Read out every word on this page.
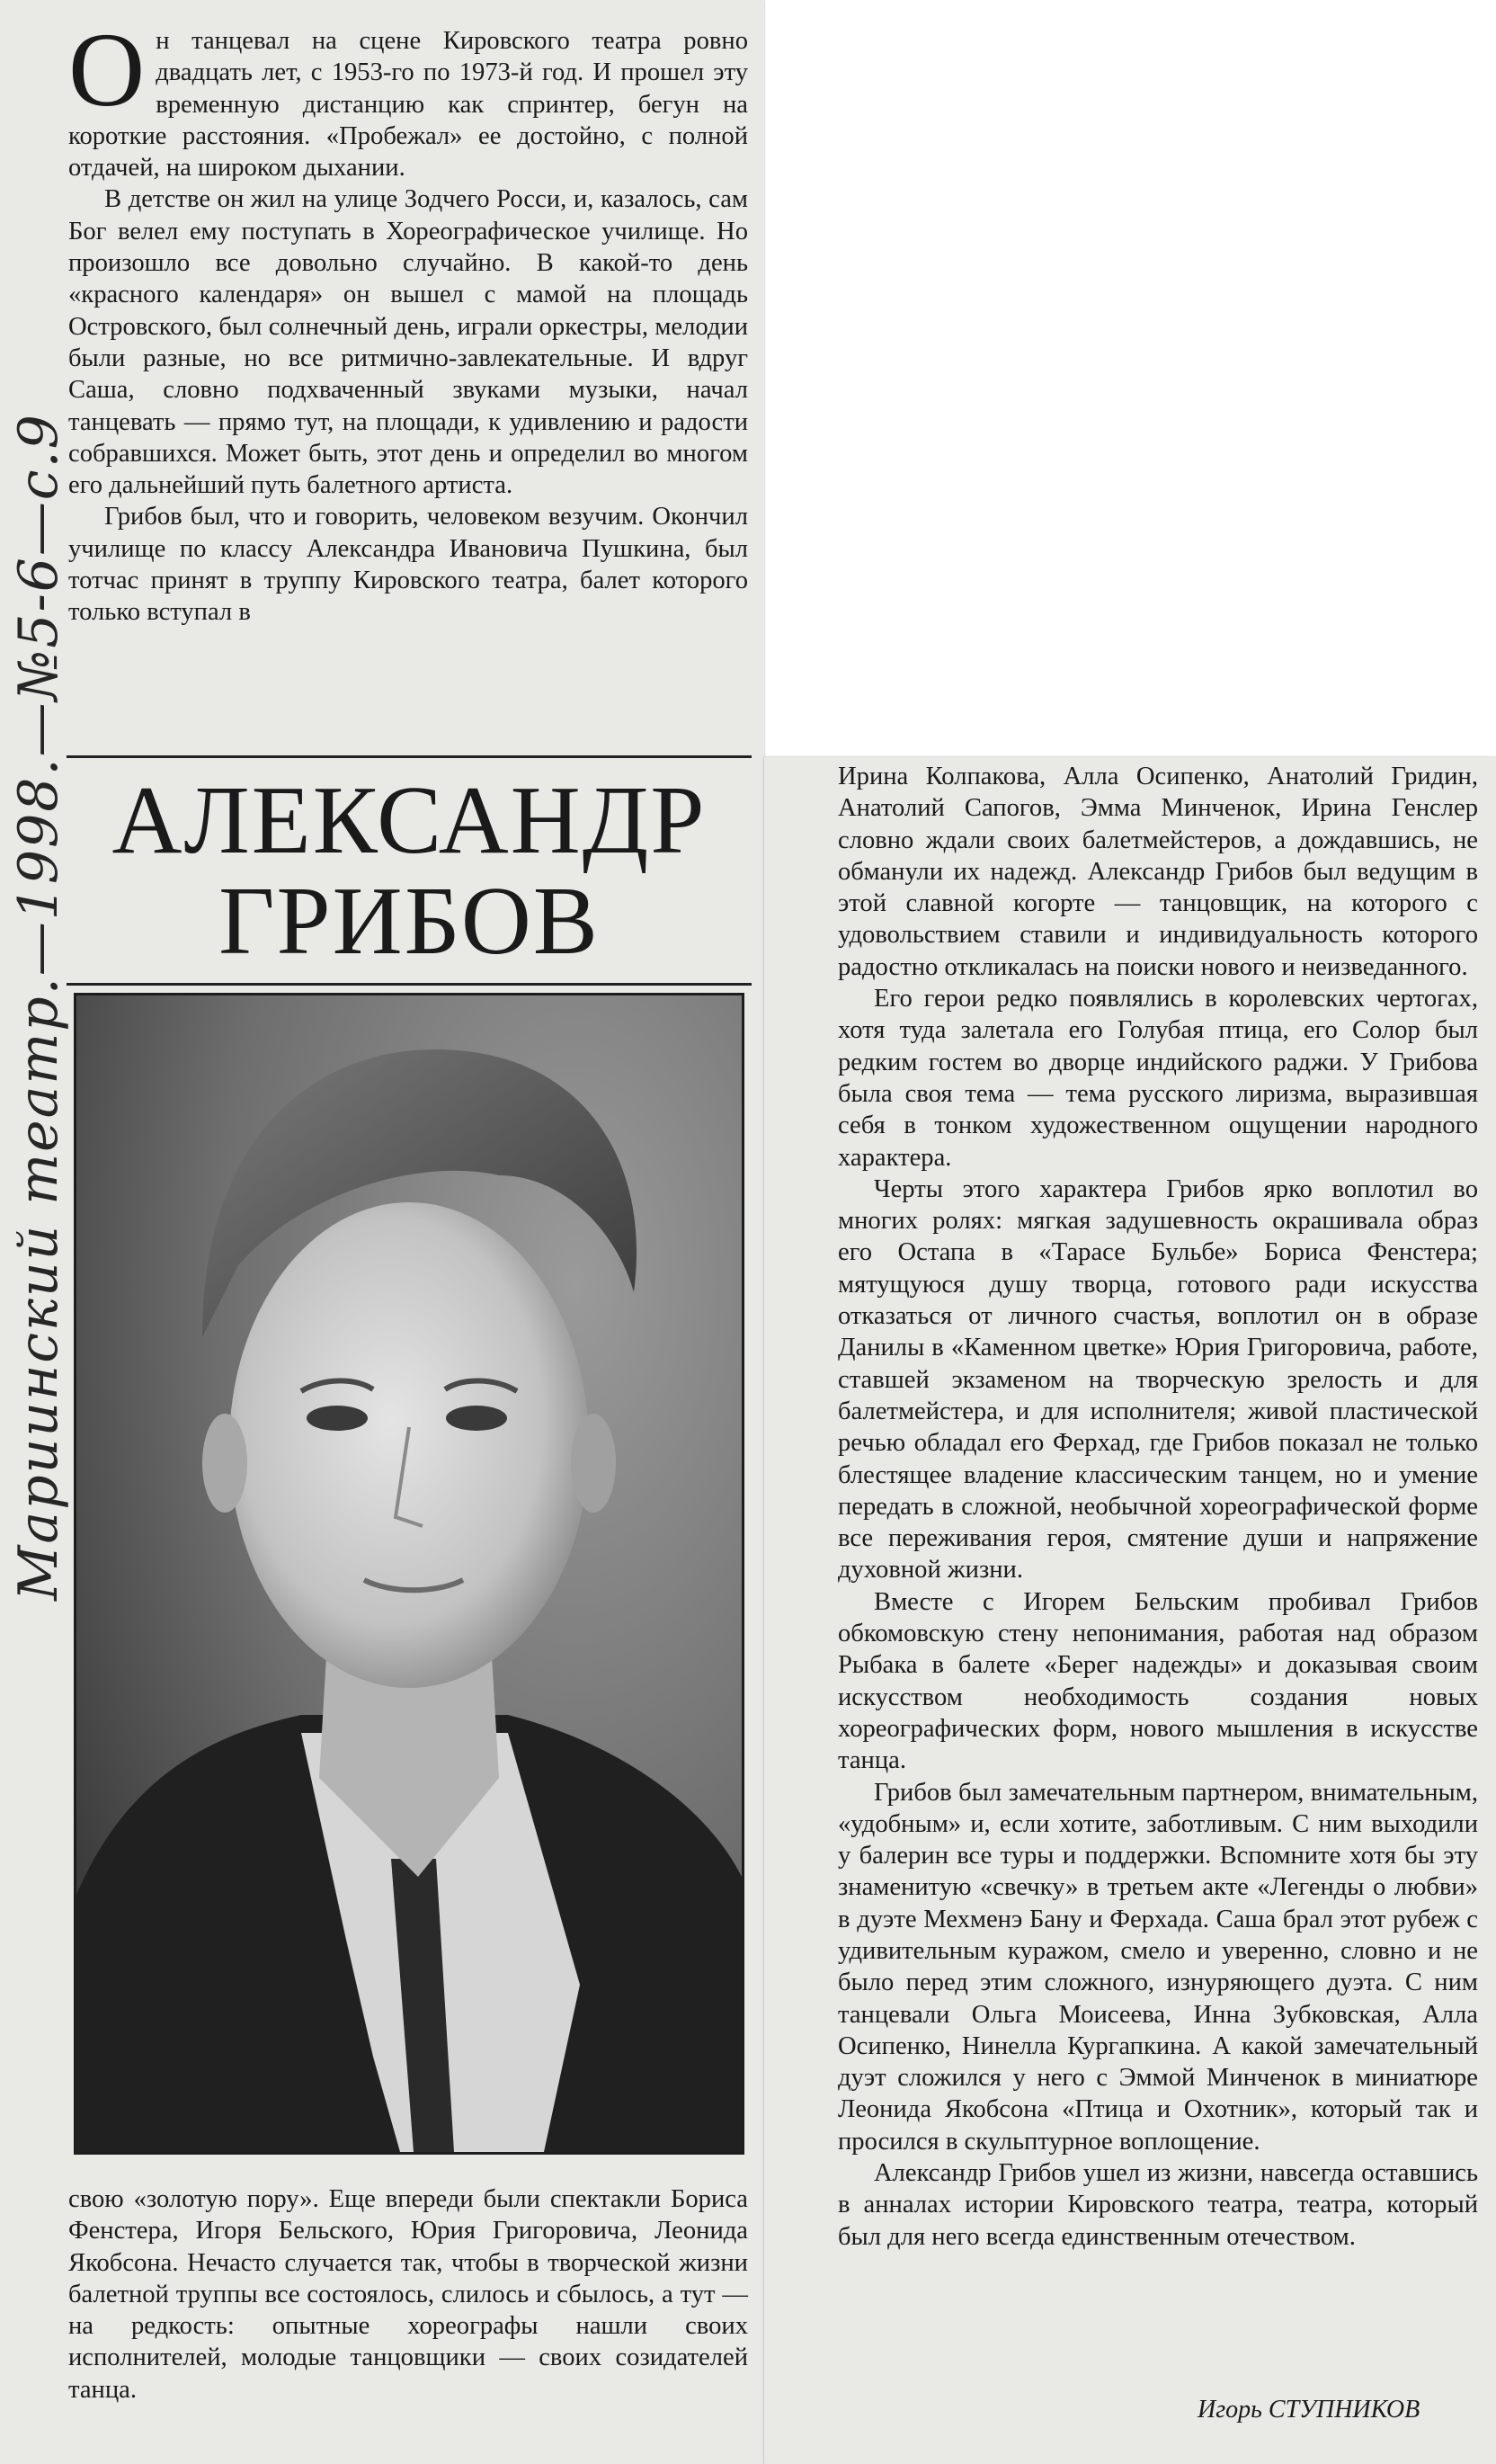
Он танцевал на сцене Кировского театра ровно двадцать лет, с 1953-го по 1973-й год. И прошел эту временную дистанцию как спринтер, бегун на короткие расстояния. «Пробежал» ее достойно, с полной отдачей, на широком дыхании.

В детстве он жил на улице Зодчего Росси, и, казалось, сам Бог велел ему поступать в Хореографическое училище. Но произошло все довольно случайно. В какой-то день «красного календаря» он вышел с мамой на площадь Островского, был солнечный день, играли оркестры, мелодии были разные, но все ритмично-завлекательные. И вдруг Саша, словно подхваченный звуками музыки, начал танцевать — прямо тут, на площади, к удивлению и радости собравшихся. Может быть, этот день и определил во многом его дальнейший путь балетного артиста.

Грибов был, что и говорить, человеком везучим. Окончил училище по классу Александра Ивановича Пушкина, был тотчас принят в труппу Кировского театра, балет которого только вступал в

Мариинский театр.—1998.—№5-6—с.9 АЛЕКСАНДР
ГРИБОВ

свою «золотую пору». Еще впереди были спектакли Бориса Фенстера, Игоря Бельского, Юрия Григоровича, Леонида Якобсона. Нечасто случается так, чтобы в творческой жизни балетной труппы все состоялось, слилось и сбылось, а тут — на редкость: опытные хореографы нашли своих исполнителей, молодые танцовщики — своих созидателей танца.

Ирина Колпакова, Алла Осипенко, Анатолий Гридин, Анатолий Сапогов, Эмма Минченок, Ирина Генслер словно ждали своих балетмейстеров, а дождавшись, не обманули их надежд. Александр Грибов был ведущим в этой славной когорте — танцовщик, на которого с удовольствием ставили и индивидуальность которого радостно откликалась на поиски нового и неизведанного.

Его герои редко появлялись в королевских чертогах, хотя туда залетала его Голубая птица, его Солор был редким гостем во дворце индийского раджи. У Грибова была своя тема — тема русского лиризма, выразившая себя в тонком художественном ощущении народного характера.

Черты этого характера Грибов ярко воплотил во многих ролях: мягкая задушевность окрашивала образ его Остапа в «Тарасе Бульбе» Бориса Фенстера; мятущуюся душу творца, готового ради искусства отказаться от личного счастья, воплотил он в образе Данилы в «Каменном цветке» Юрия Григоровича, работе, ставшей экзаменом на творческую зрелость и для балетмейстера, и для исполнителя; живой пластической речью обладал его Ферхад, где Грибов показал не только блестящее владение классическим танцем, но и умение передать в сложной, необычной хореографической форме все переживания героя, смятение души и напряжение духовной жизни.

Вместе с Игорем Бельским пробивал Грибов обкомовскую стену непонимания, работая над образом Рыбака в балете «Берег надежды» и доказывая своим искусством необходимость создания новых хореографических форм, нового мышления в искусстве танца.

Грибов был замечательным партнером, внимательным, «удобным» и, если хотите, заботливым. С ним выходили у балерин все туры и поддержки. Вспомните хотя бы эту знаменитую «свечку» в третьем акте «Легенды о любви» в дуэте Мехменэ Бану и Ферхада. Саша брал этот рубеж с удивительным куражом, смело и уверенно, словно и не было перед этим сложного, изнуряющего дуэта. С ним танцевали Ольга Моисеева, Инна Зубковская, Алла Осипенко, Нинелла Кургапкина. А какой замечательный дуэт сложился у него с Эммой Минченок в миниатюре Леонида Якобсона «Птица и Охотник», который так и просился в скульптурное воплощение.

Александр Грибов ушел из жизни, навсегда оставшись в анналах истории Кировского театра, театра, который был для него всегда единственным отечеством.

Игорь СТУПНИКОВ
